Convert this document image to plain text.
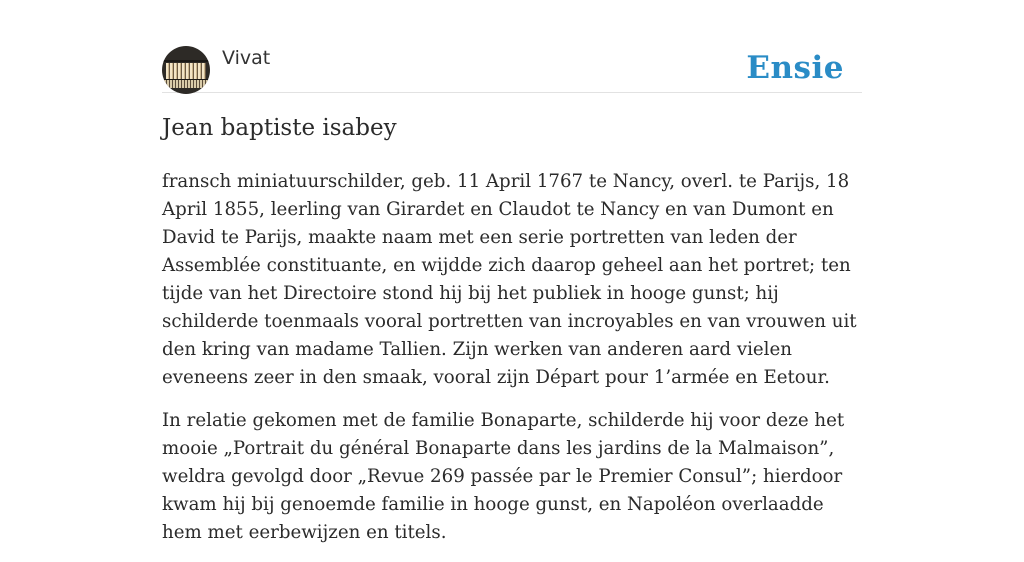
Vivat	Ensie
Jean baptiste isabey

fransch miniatuurschilder, geb. 11 April 1767 te Nancy, overl. te Parijs, 18 April 1855, leerling van Girardet en Claudot te Nancy en van Dumont en David te Parijs, maakte naam met een serie portretten van leden der Assemblée constituante, en wijdde zich daarop geheel aan het portret; ten tijde van het Directoire stond hij bij het publiek in hooge gunst; hij schilderde toenmaals vooral portretten van incroyables en van vrouwen uit den kring van madame Tallien. Zijn werken van anderen aard vielen eveneens zeer in den smaak, vooral zijn Départ pour 1’armée en Eetour.

In relatie gekomen met de familie Bonaparte, schilderde hij voor deze het mooie „Portrait du général Bonaparte dans les jardins de la Malmaison”, weldra gevolgd door „Revue 269 passée par le Premier Consul”; hierdoor kwam hij bij genoemde familie in hooge gunst, en Napoléon overlaadde hem met eerbewijzen en titels.
